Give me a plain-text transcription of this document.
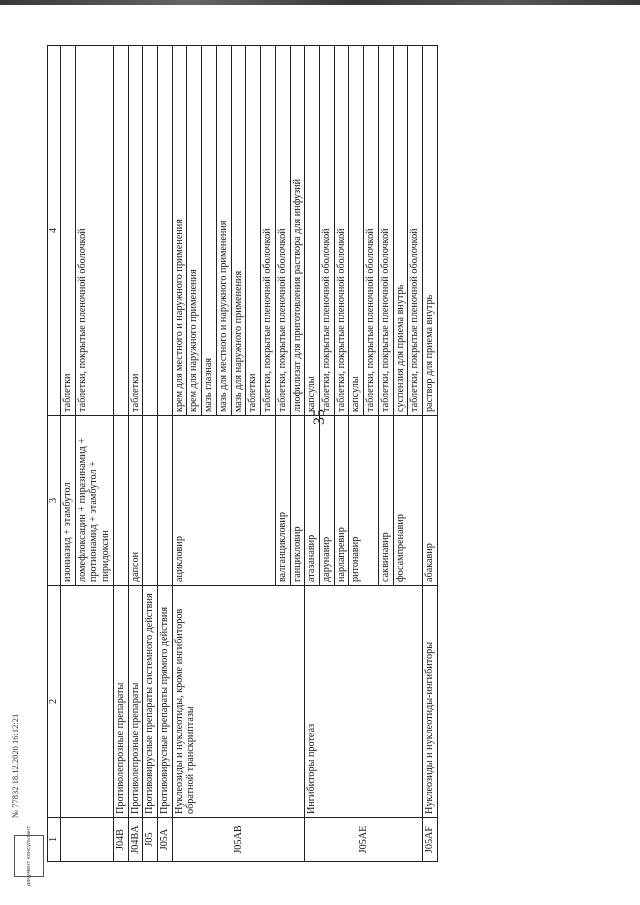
35
1	2	3	4
		изониазид + этамбутол	таблетки
		ломефлоксацин + пиразинамид + протионамид + этамбутол + пиридоксин	таблетки, покрытые пленочной оболочкой
J04B	Противолепрозные препараты		
J04BA	Противолепрозные препараты	дапсон	таблетки
J05	Противовирусные препараты системного действия		
J05A	Противовирусные препараты прямого действия		
J05AB	Нуклеозиды и нуклеотиды, кроме ингибиторов обратной транскриптазы	ацикловир	крем для местного и наружного применения
			крем для наружного применения
			мазь глазная
			мазь для местного и наружного применения
			мазь для наружного применения
			таблетки
			таблетки, покрытые пленочной оболочкой
		валганцикловир	таблетки, покрытые пленочной оболочкой
		ганцикловир	лиофилизат для приготовления раствора для инфузий
J05AE	Ингибиторы протеаз	атазанавир	капсулы
		дарунавир	таблетки, покрытые пленочной оболочкой
		нарлапревир	таблетки, покрытые пленочной оболочкой
		ритонавир	капсулы
			таблетки, покрытые пленочной оболочкой
		саквинавир	таблетки, покрытые пленочной оболочкой
		фосампренавир	суспензия для приема внутрь
			таблетки, покрытые пленочной оболочкой
J05AF	Нуклеозиды и нуклеотиды-ингибиторы	абакавир	раствор для приема внутрь
документ консультант
№ 77832 18.12.2020 16:12:21
